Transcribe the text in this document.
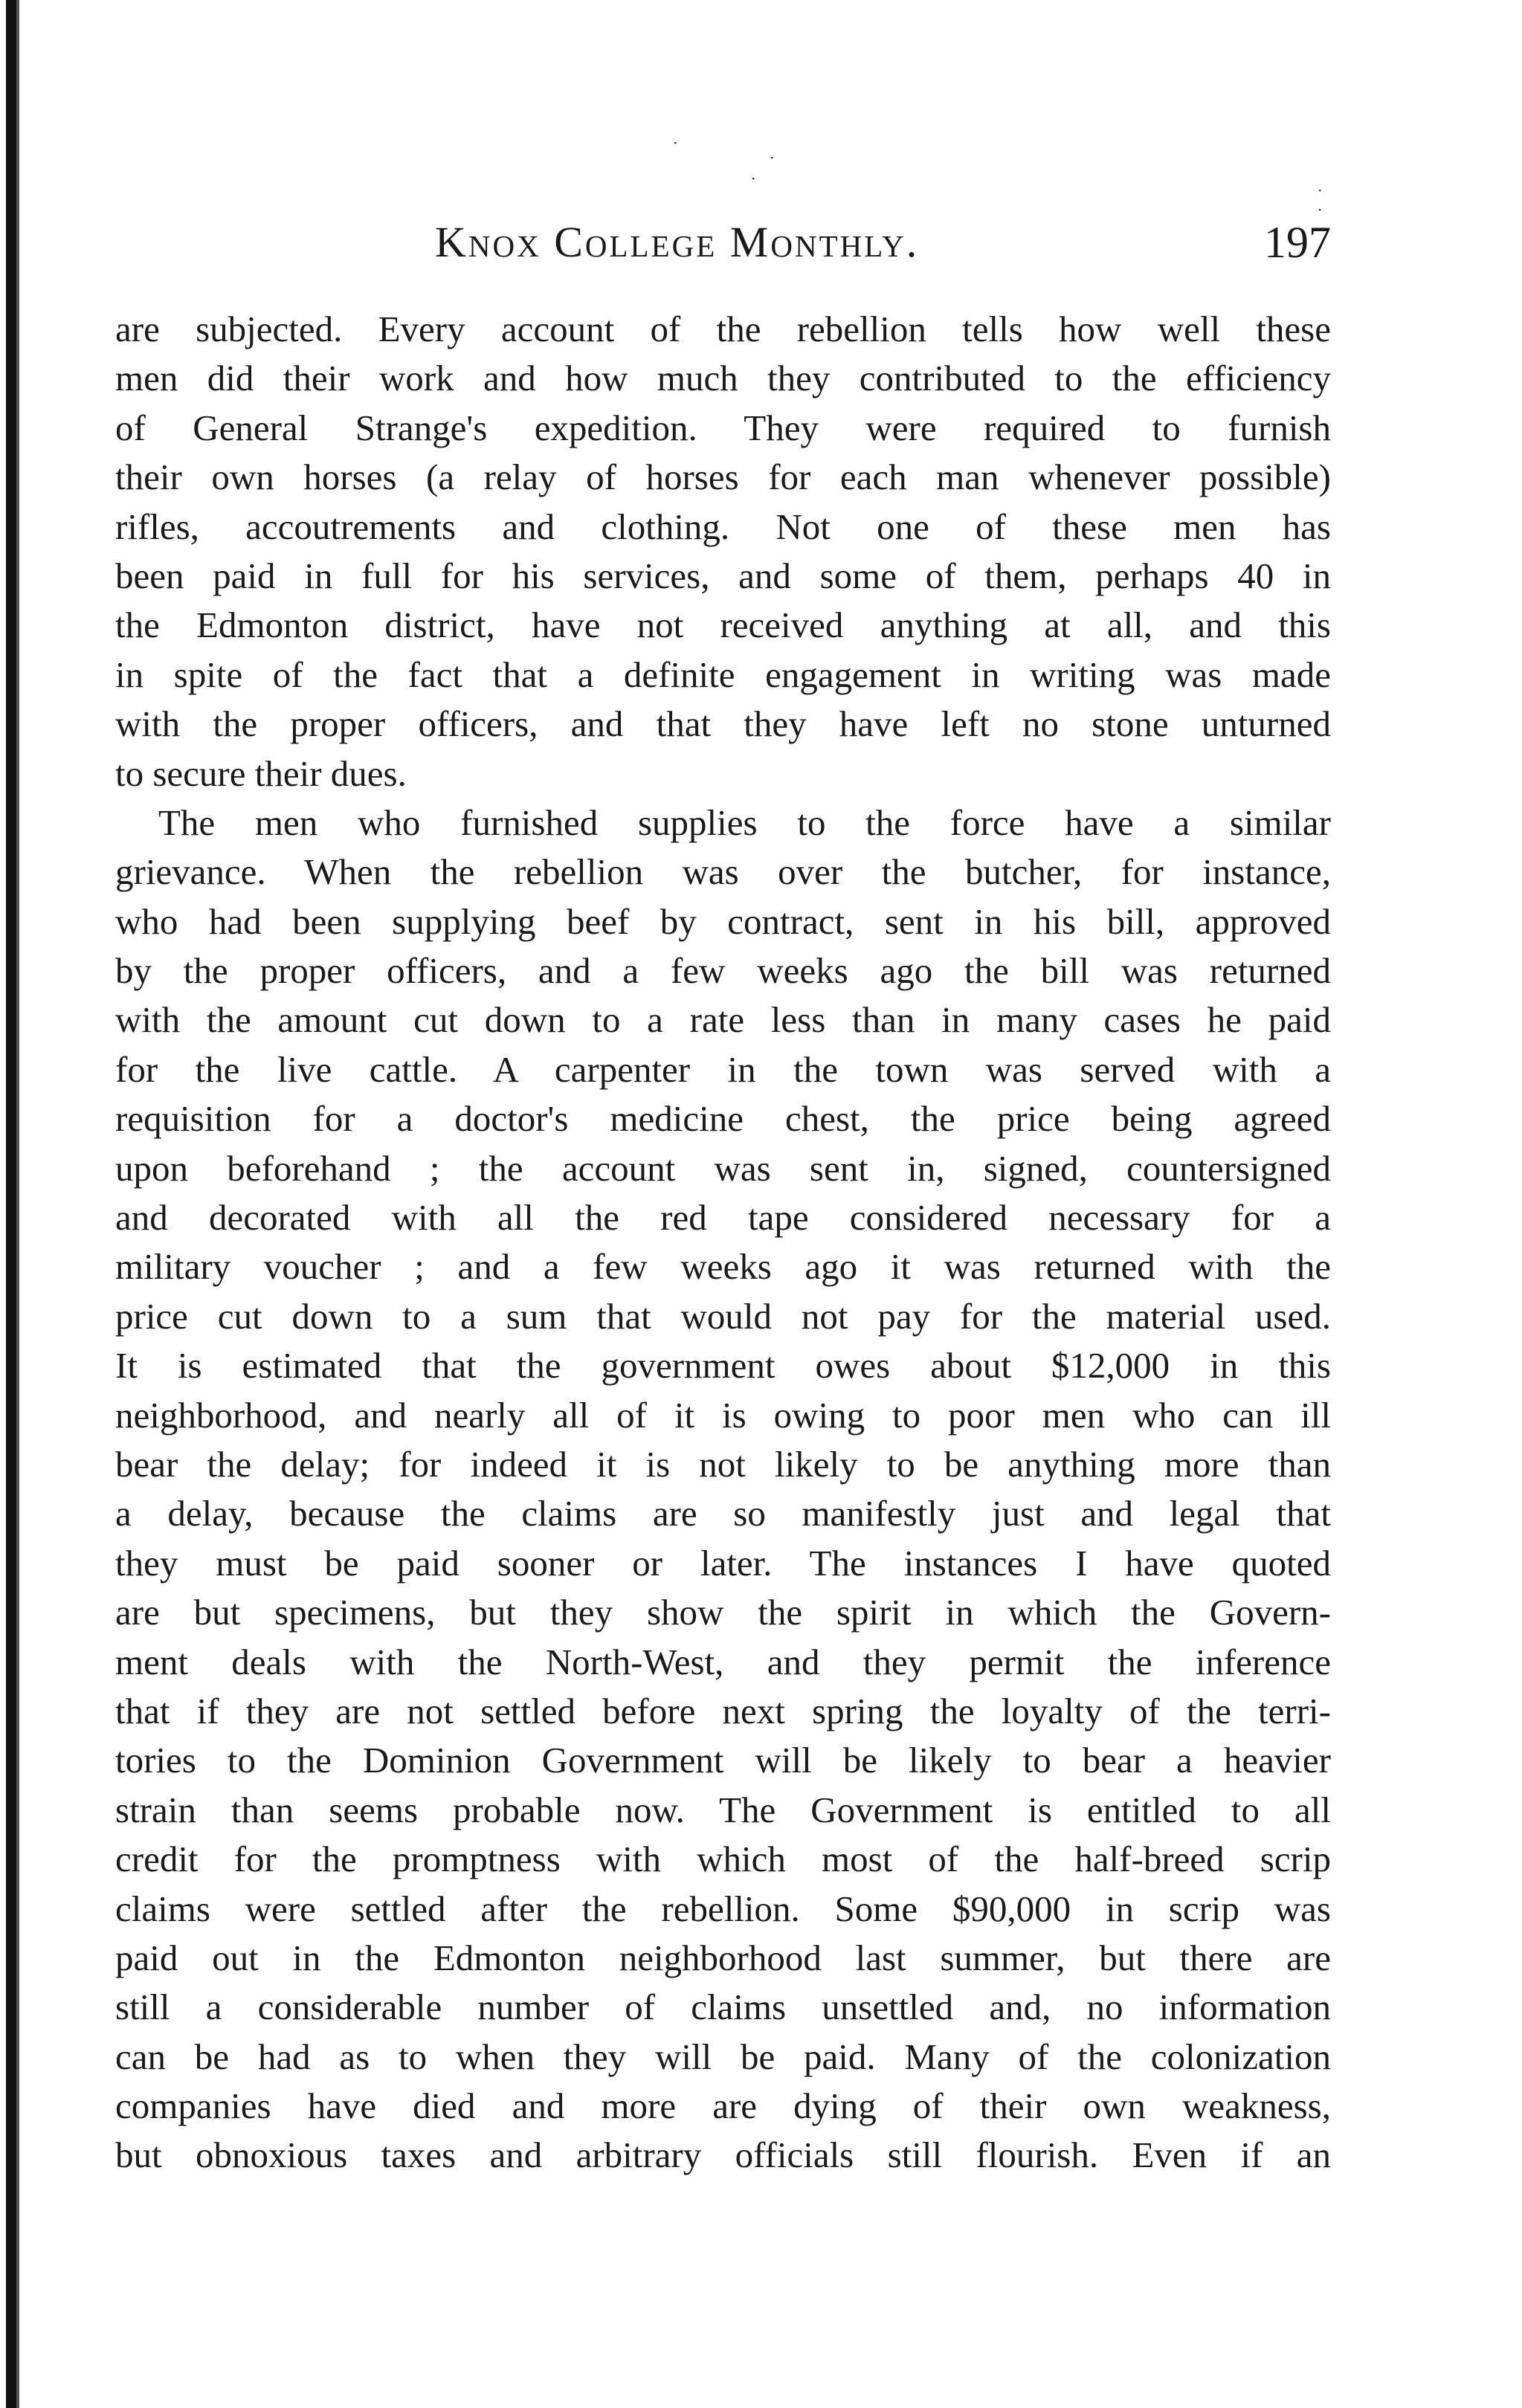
·
·
·
·
·
Knox College Monthly.	197
are subjected. Every account of the rebellion tells how well these
men did their work and how much they contributed to the efficiency
of General Strange's expedition. They were required to furnish
their own horses (a relay of horses for each man whenever possible)
rifles, accoutrements and clothing. Not one of these men has
been paid in full for his services, and some of them, perhaps 40 in
the Edmonton district, have not received anything at all, and this
in spite of the fact that a definite engagement in writing was made
with the proper officers, and that they have left no stone unturned
to secure their dues.
The men who furnished supplies to the force have a similar
grievance. When the rebellion was over the butcher, for instance,
who had been supplying beef by contract, sent in his bill, approved
by the proper officers, and a few weeks ago the bill was returned
with the amount cut down to a rate less than in many cases he paid
for the live cattle. A carpenter in the town was served with a
requisition for a doctor's medicine chest, the price being agreed
upon beforehand ; the account was sent in, signed, countersigned
and decorated with all the red tape considered necessary for a
military voucher ; and a few weeks ago it was returned with the
price cut down to a sum that would not pay for the material used.
It is estimated that the government owes about $12,000 in this
neighborhood, and nearly all of it is owing to poor men who can ill
bear the delay; for indeed it is not likely to be anything more than
a delay, because the claims are so manifestly just and legal that
they must be paid sooner or later. The instances I have quoted
are but specimens, but they show the spirit in which the Govern-
ment deals with the North-West, and they permit the inference
that if they are not settled before next spring the loyalty of the terri-
tories to the Dominion Government will be likely to bear a heavier
strain than seems probable now. The Government is entitled to all
credit for the promptness with which most of the half-breed scrip
claims were settled after the rebellion. Some $90,000 in scrip was
paid out in the Edmonton neighborhood last summer, but there are
still a considerable number of claims unsettled and, no information
can be had as to when they will be paid. Many of the colonization
companies have died and more are dying of their own weakness,
but obnoxious taxes and arbitrary officials still flourish. Even if an
